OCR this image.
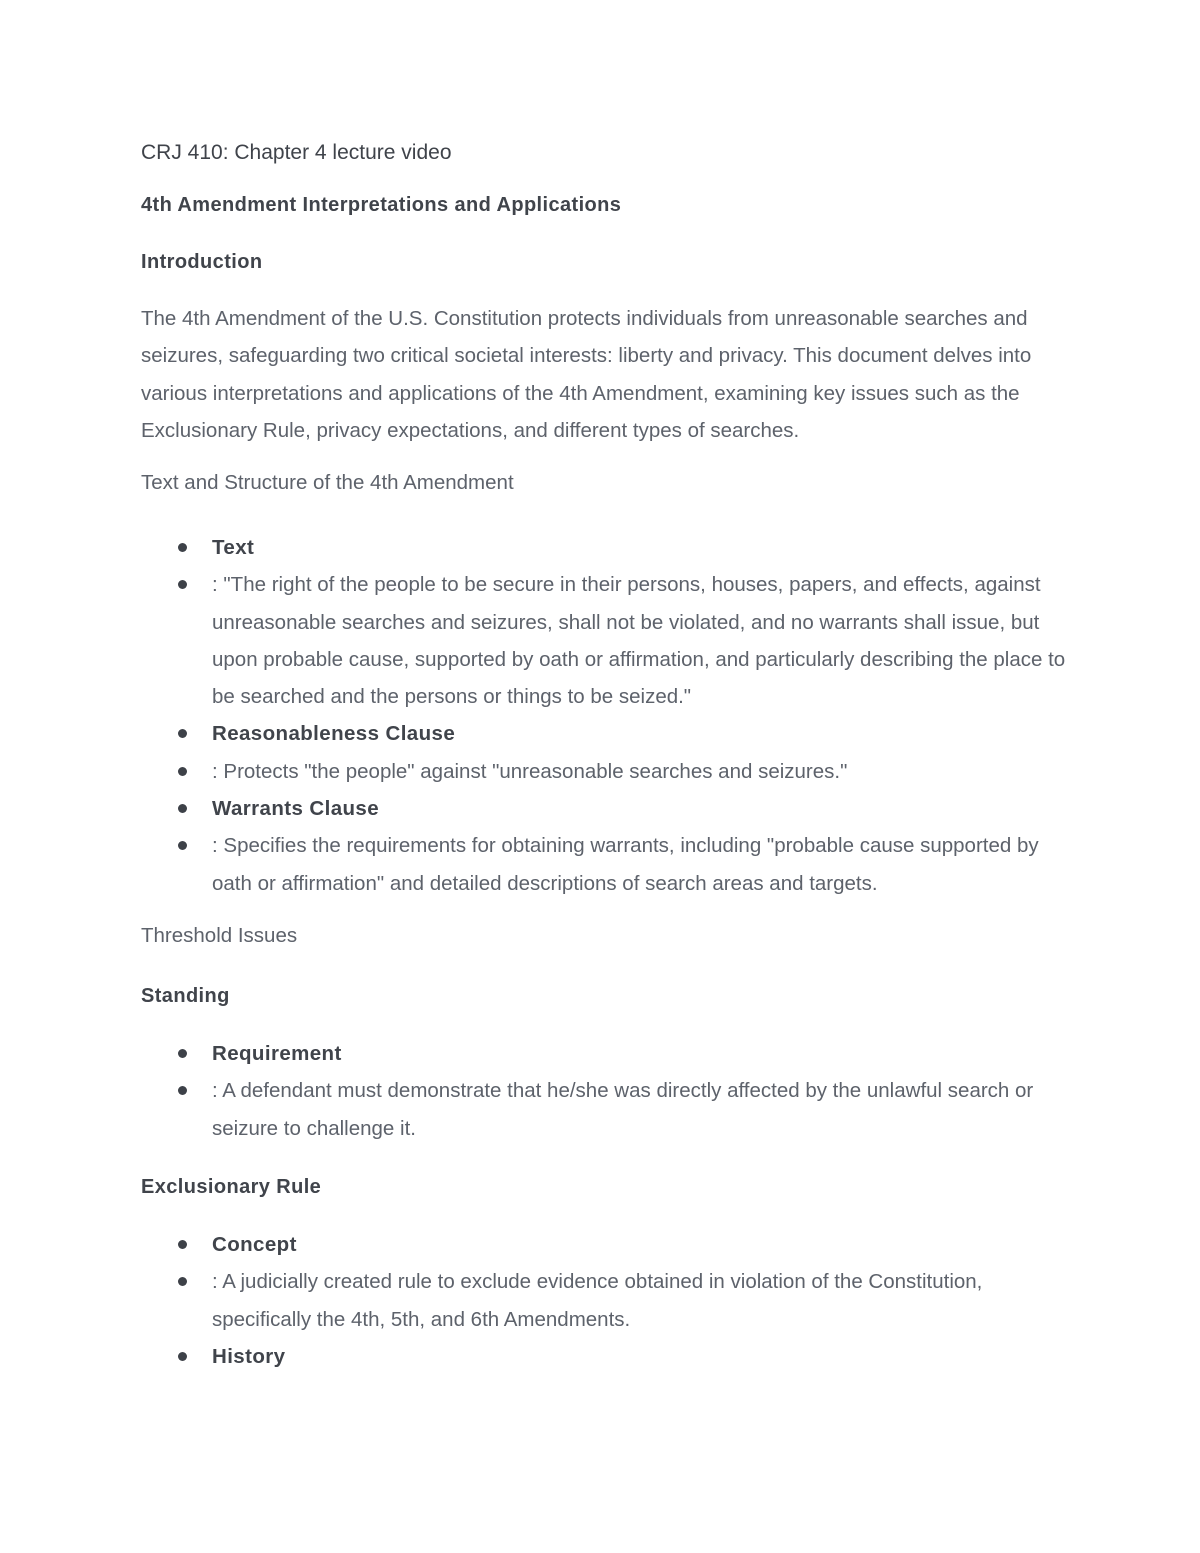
CRJ 410: Chapter 4 lecture video
4th Amendment Interpretations and Applications
Introduction
The 4th Amendment of the U.S. Constitution protects individuals from unreasonable searches and seizures, safeguarding two critical societal interests: liberty and privacy. This document delves into various interpretations and applications of the 4th Amendment, examining key issues such as the Exclusionary Rule, privacy expectations, and different types of searches.
Text and Structure of the 4th Amendment
Text
: "The right of the people to be secure in their persons, houses, papers, and effects, against unreasonable searches and seizures, shall not be violated, and no warrants shall issue, but upon probable cause, supported by oath or affirmation, and particularly describing the place to be searched and the persons or things to be seized."
Reasonableness Clause
: Protects "the people" against "unreasonable searches and seizures."
Warrants Clause
: Specifies the requirements for obtaining warrants, including "probable cause supported by oath or affirmation" and detailed descriptions of search areas and targets.
Threshold Issues
Standing
Requirement
: A defendant must demonstrate that he/she was directly affected by the unlawful search or seizure to challenge it.
Exclusionary Rule
Concept
: A judicially created rule to exclude evidence obtained in violation of the Constitution, specifically the 4th, 5th, and 6th Amendments.
History
